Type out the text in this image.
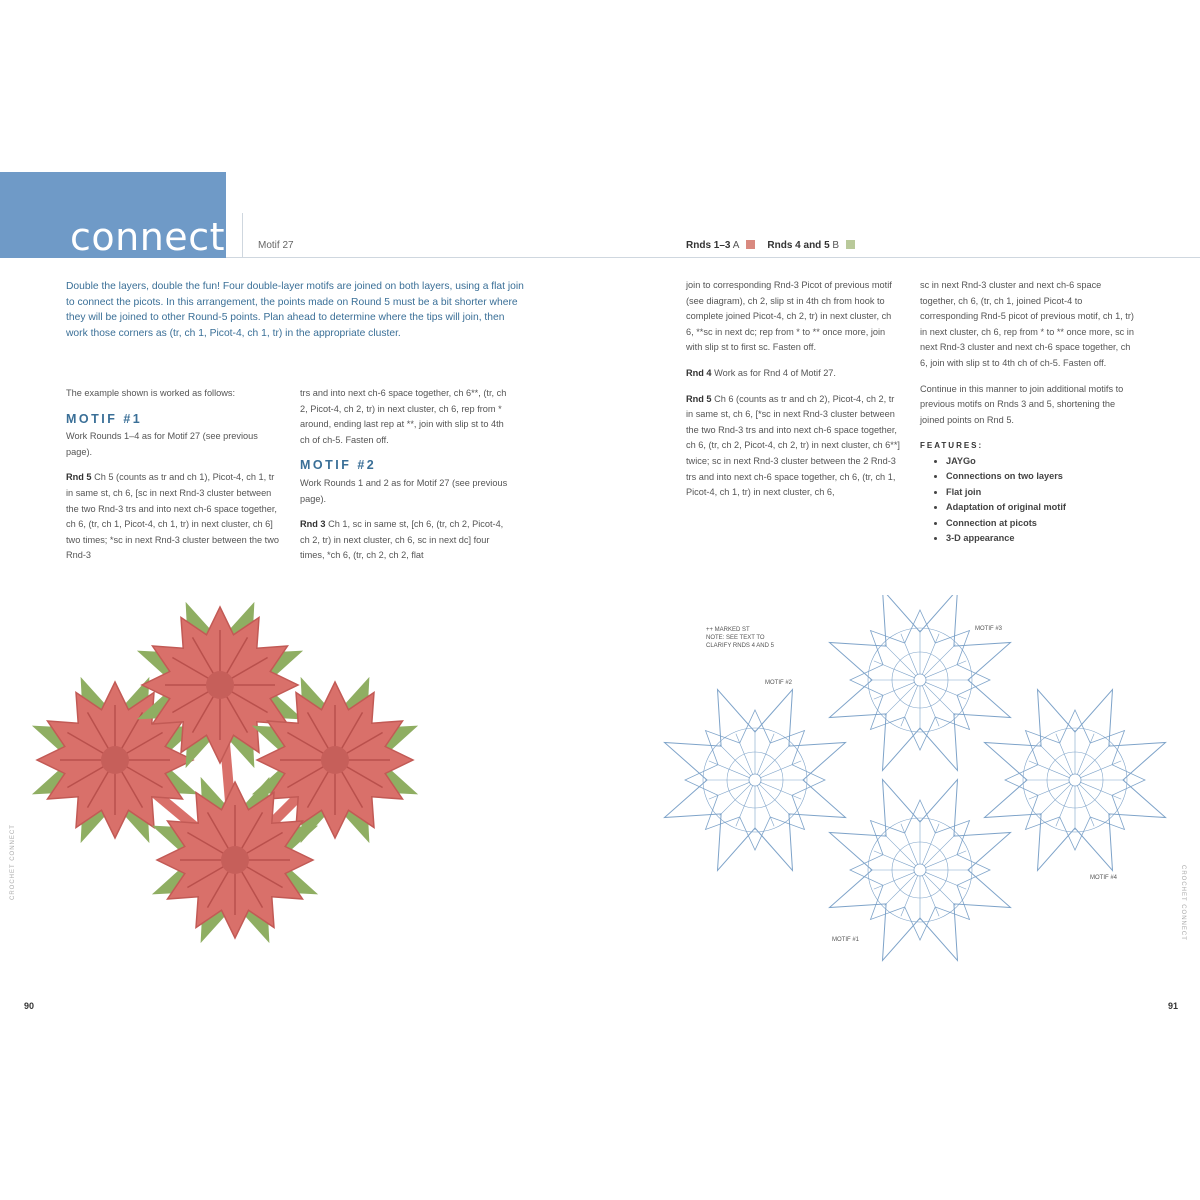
connect	Motif 27	Rnds 1–3 A	Rnds 4 and 5 B

Double the layers, double the fun! Four double-layer motifs are joined on both layers, using a flat join to connect the picots. In this arrangement, the points made on Round 5 must be a bit shorter where they will be joined to other Round-5 points. Plan ahead to determine where the tips will join, then work those corners as (tr, ch 1, Picot-4, ch 1, tr) in the appropriate cluster.

The example shown is worked as follows:

MOTIF #1

Work Rounds 1–4 as for Motif 27 (see previous page).

Rnd 5 Ch 5 (counts as tr and ch 1), Picot-4, ch 1, tr in same st, ch 6, [sc in next Rnd-3 cluster between the two Rnd-3 trs and into next ch-6 space together, ch 6, (tr, ch 1, Picot-4, ch 1, tr) in next cluster, ch 6] two times; *sc in next Rnd-3 cluster between the two Rnd-3

trs and into next ch-6 space together, ch 6**, (tr, ch 2, Picot-4, ch 2, tr) in next cluster, ch 6, rep from * around, ending last rep at **, join with slip st to 4th ch of ch-5. Fasten off.

MOTIF #2

Work Rounds 1 and 2 as for Motif 27 (see previous page).

Rnd 3 Ch 1, sc in same st, [ch 6, (tr, ch 2, Picot-4, ch 2, tr) in next cluster, ch 6, sc in next dc] four times, *ch 6, (tr, ch 2, ch 2, flat

join to corresponding Rnd-3 Picot of previous motif (see diagram), ch 2, slip st in 4th ch from hook to complete joined Picot-4, ch 2, tr) in next cluster, ch 6, **sc in next dc; rep from * to ** once more, join with slip st to first sc. Fasten off.

Rnd 4 Work as for Rnd 4 of Motif 27.

Rnd 5 Ch 6 (counts as tr and ch 2), Picot-4, ch 2, tr in same st, ch 6, [*sc in next Rnd-3 cluster between the two Rnd-3 trs and into next ch-6 space together, ch 6, (tr, ch 2, Picot-4, ch 2, tr) in next cluster, ch 6**] twice; sc in next Rnd-3 cluster between the 2 Rnd-3 trs and into next ch-6 space together, ch 6, (tr, ch 1, Picot-4, ch 1, tr) in next cluster, ch 6,

sc in next Rnd-3 cluster and next ch-6 space together, ch 6, (tr, ch 1, joined Picot-4 to corresponding Rnd-5 picot of previous motif, ch 1, tr) in next cluster, ch 6, rep from * to ** once more, sc in next Rnd-3 cluster and next ch-6 space together, ch 6, join with slip st to 4th ch of ch-5. Fasten off.

Continue in this manner to join additional motifs to previous motifs on Rnds 3 and 5, shortening the joined points on Rnd 5.

FEATURES:
• JAYGo
• Connections on two layers
• Flat join
• Adaptation of original motif
• Connection at picots
• 3-D appearance
++ MARKED ST
NOTE: SEE TEXT TO
CLARIFY RNDS 4 AND 5
MOTIF #2
MOTIF #3
MOTIF #4
MOTIF #1
90	91
CROCHET CONNECT
CROCHET CONNECT
